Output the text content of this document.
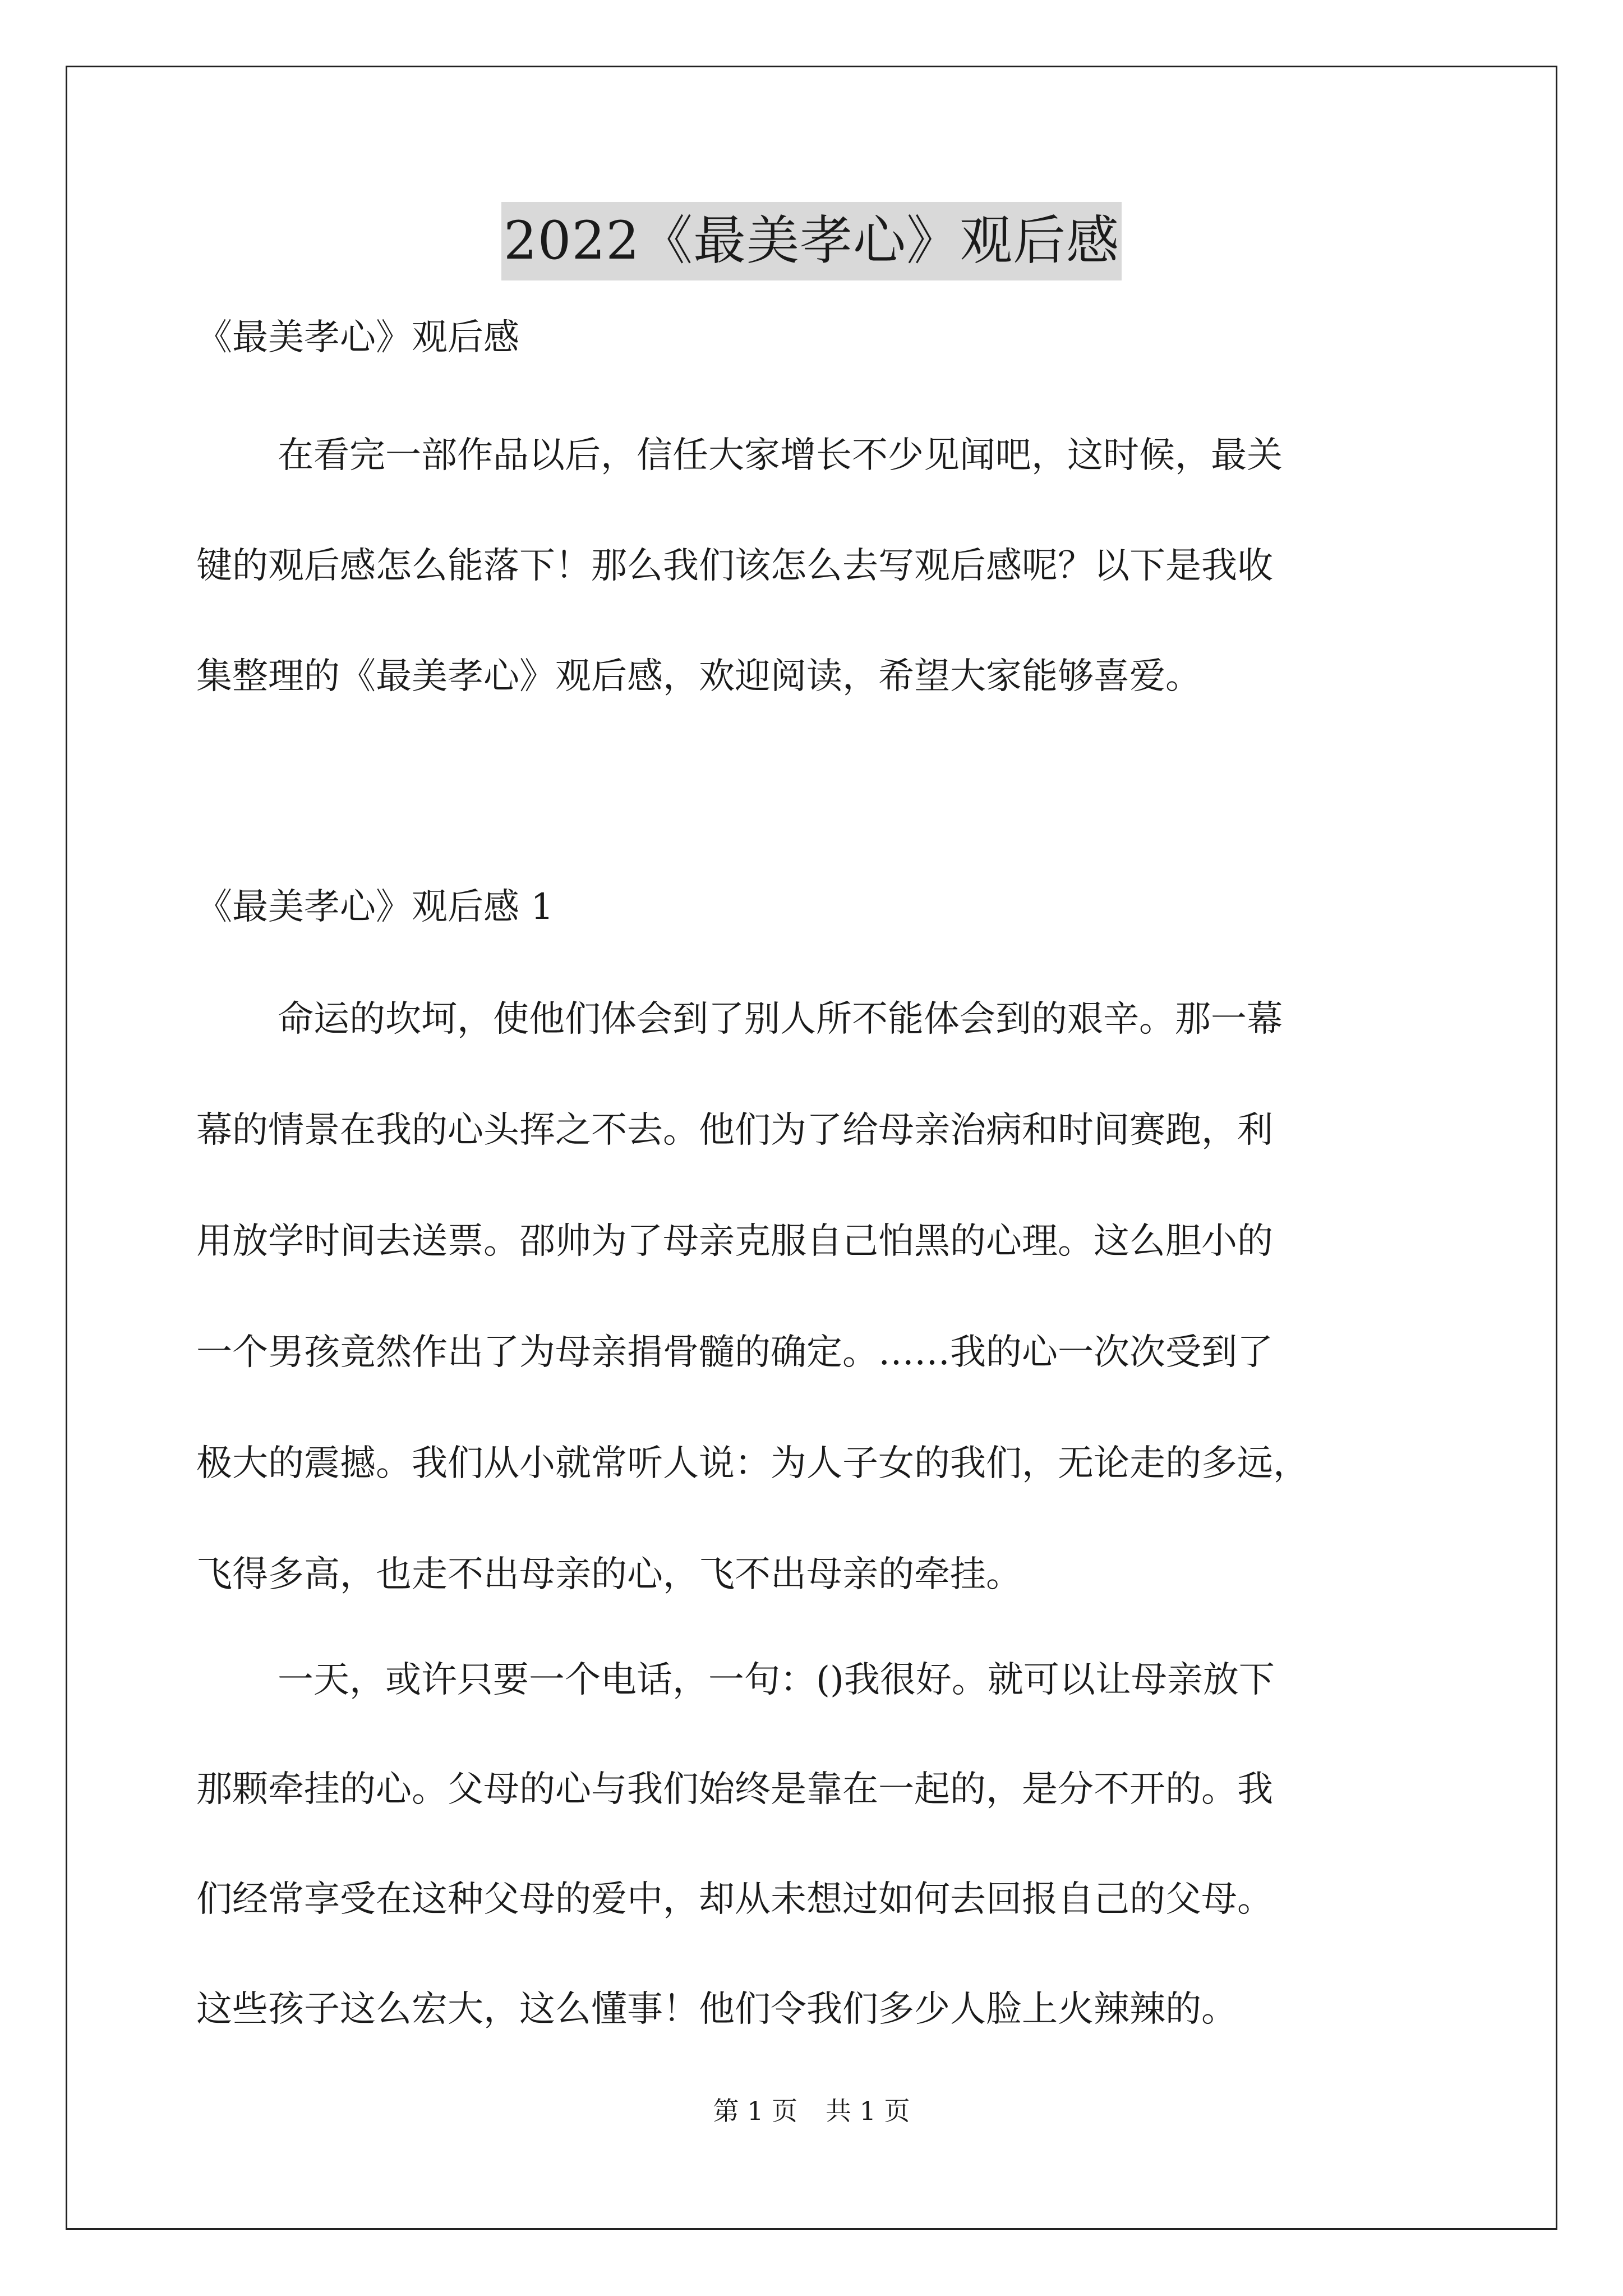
2022《最美孝心》观后感
《最美孝心》观后感
在看完一部作品以后，信任大家增长不少见闻吧，这时候，最关
键的观后感怎么能落下！那么我们该怎么去写观后感呢？以下是我收
集整理的《最美孝心》观后感，欢迎阅读，希望大家能够喜爱。
《最美孝心》观后感 1
命运的坎坷，使他们体会到了别人所不能体会到的艰辛。那一幕
幕的情景在我的心头挥之不去。他们为了给母亲治病和时间赛跑，利
用放学时间去送票。邵帅为了母亲克服自己怕黑的心理。这么胆小的
一个男孩竟然作出了为母亲捐骨髓的确定。……我的心一次次受到了
极大的震撼。我们从小就常听人说：为人子女的我们，无论走的多远，
飞得多高，也走不出母亲的心，飞不出母亲的牵挂。
一天，或许只要一个电话，一句：()我很好。就可以让母亲放下
那颗牵挂的心。父母的心与我们始终是靠在一起的，是分不开的。我
们经常享受在这种父母的爱中，却从未想过如何去回报自己的父母。
这些孩子这么宏大，这么懂事！他们令我们多少人脸上火辣辣的。
第 1 页 共 1 页
